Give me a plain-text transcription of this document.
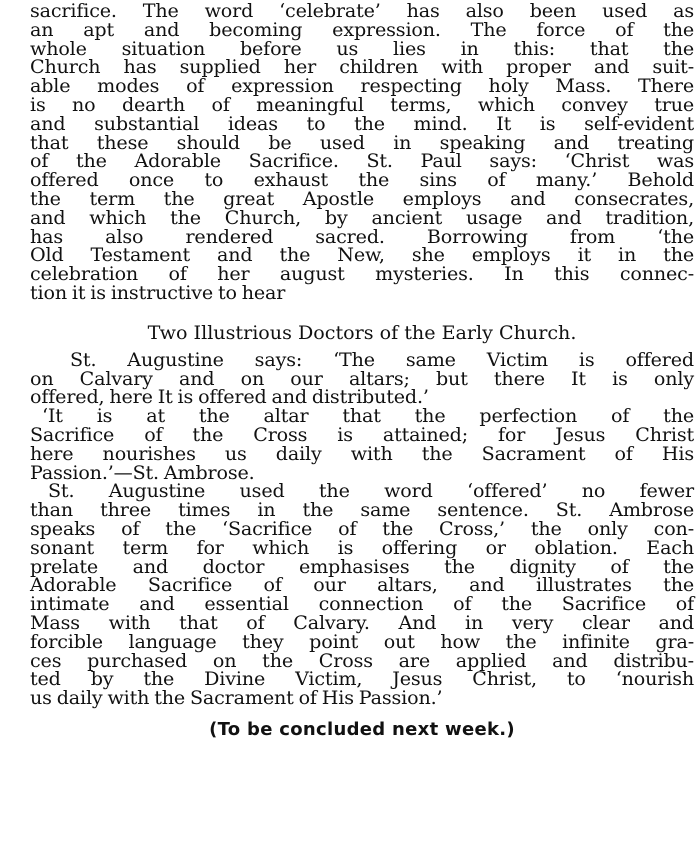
sacrifice. The word ‘celebrate’ has also been used as
an apt and becoming expression. The force of the
whole situation before us lies in this: that the
Church has supplied her children with proper and suit-
able modes of expression respecting holy Mass. There
is no dearth of meaningful terms, which convey true
and substantial ideas to the mind. It is self-evident
that these should be used in speaking and treating
of the Adorable Sacrifice. St. Paul says: ‘Christ was
offered once to exhaust the sins of many.’ Behold
the term the great Apostle employs and consecrates,
and which the Church, by ancient usage and tradition,
has also rendered sacred. Borrowing from ‘the
Old Testament and the New, she employs it in the
celebration of her august mysteries. In this connec-
tion it is instructive to hear
Two Illustrious Doctors of the Early Church.
St. Augustine says: ‘The same Victim is offered
on Calvary and on our altars; but there It is only
offered, here It is offered and distributed.’
‘It is at the altar that the perfection of the
Sacrifice of the Cross is attained; for Jesus Christ
here nourishes us daily with the Sacrament of His
Passion.’—St. Ambrose.
St. Augustine used the word ‘offered’ no fewer
than three times in the same sentence. St. Ambrose
speaks of the ‘Sacrifice of the Cross,’ the only con-
sonant term for which is offering or oblation. Each
prelate and doctor emphasises the dignity of the
Adorable Sacrifice of our altars, and illustrates the
intimate and essential connection of the Sacrifice of
Mass with that of Calvary. And in very clear and
forcible language they point out how the infinite gra-
ces purchased on the Cross are applied and distribu-
ted by the Divine Victim, Jesus Christ, to ‘nourish
us daily with the Sacrament of His Passion.’
(To be concluded next week.)
